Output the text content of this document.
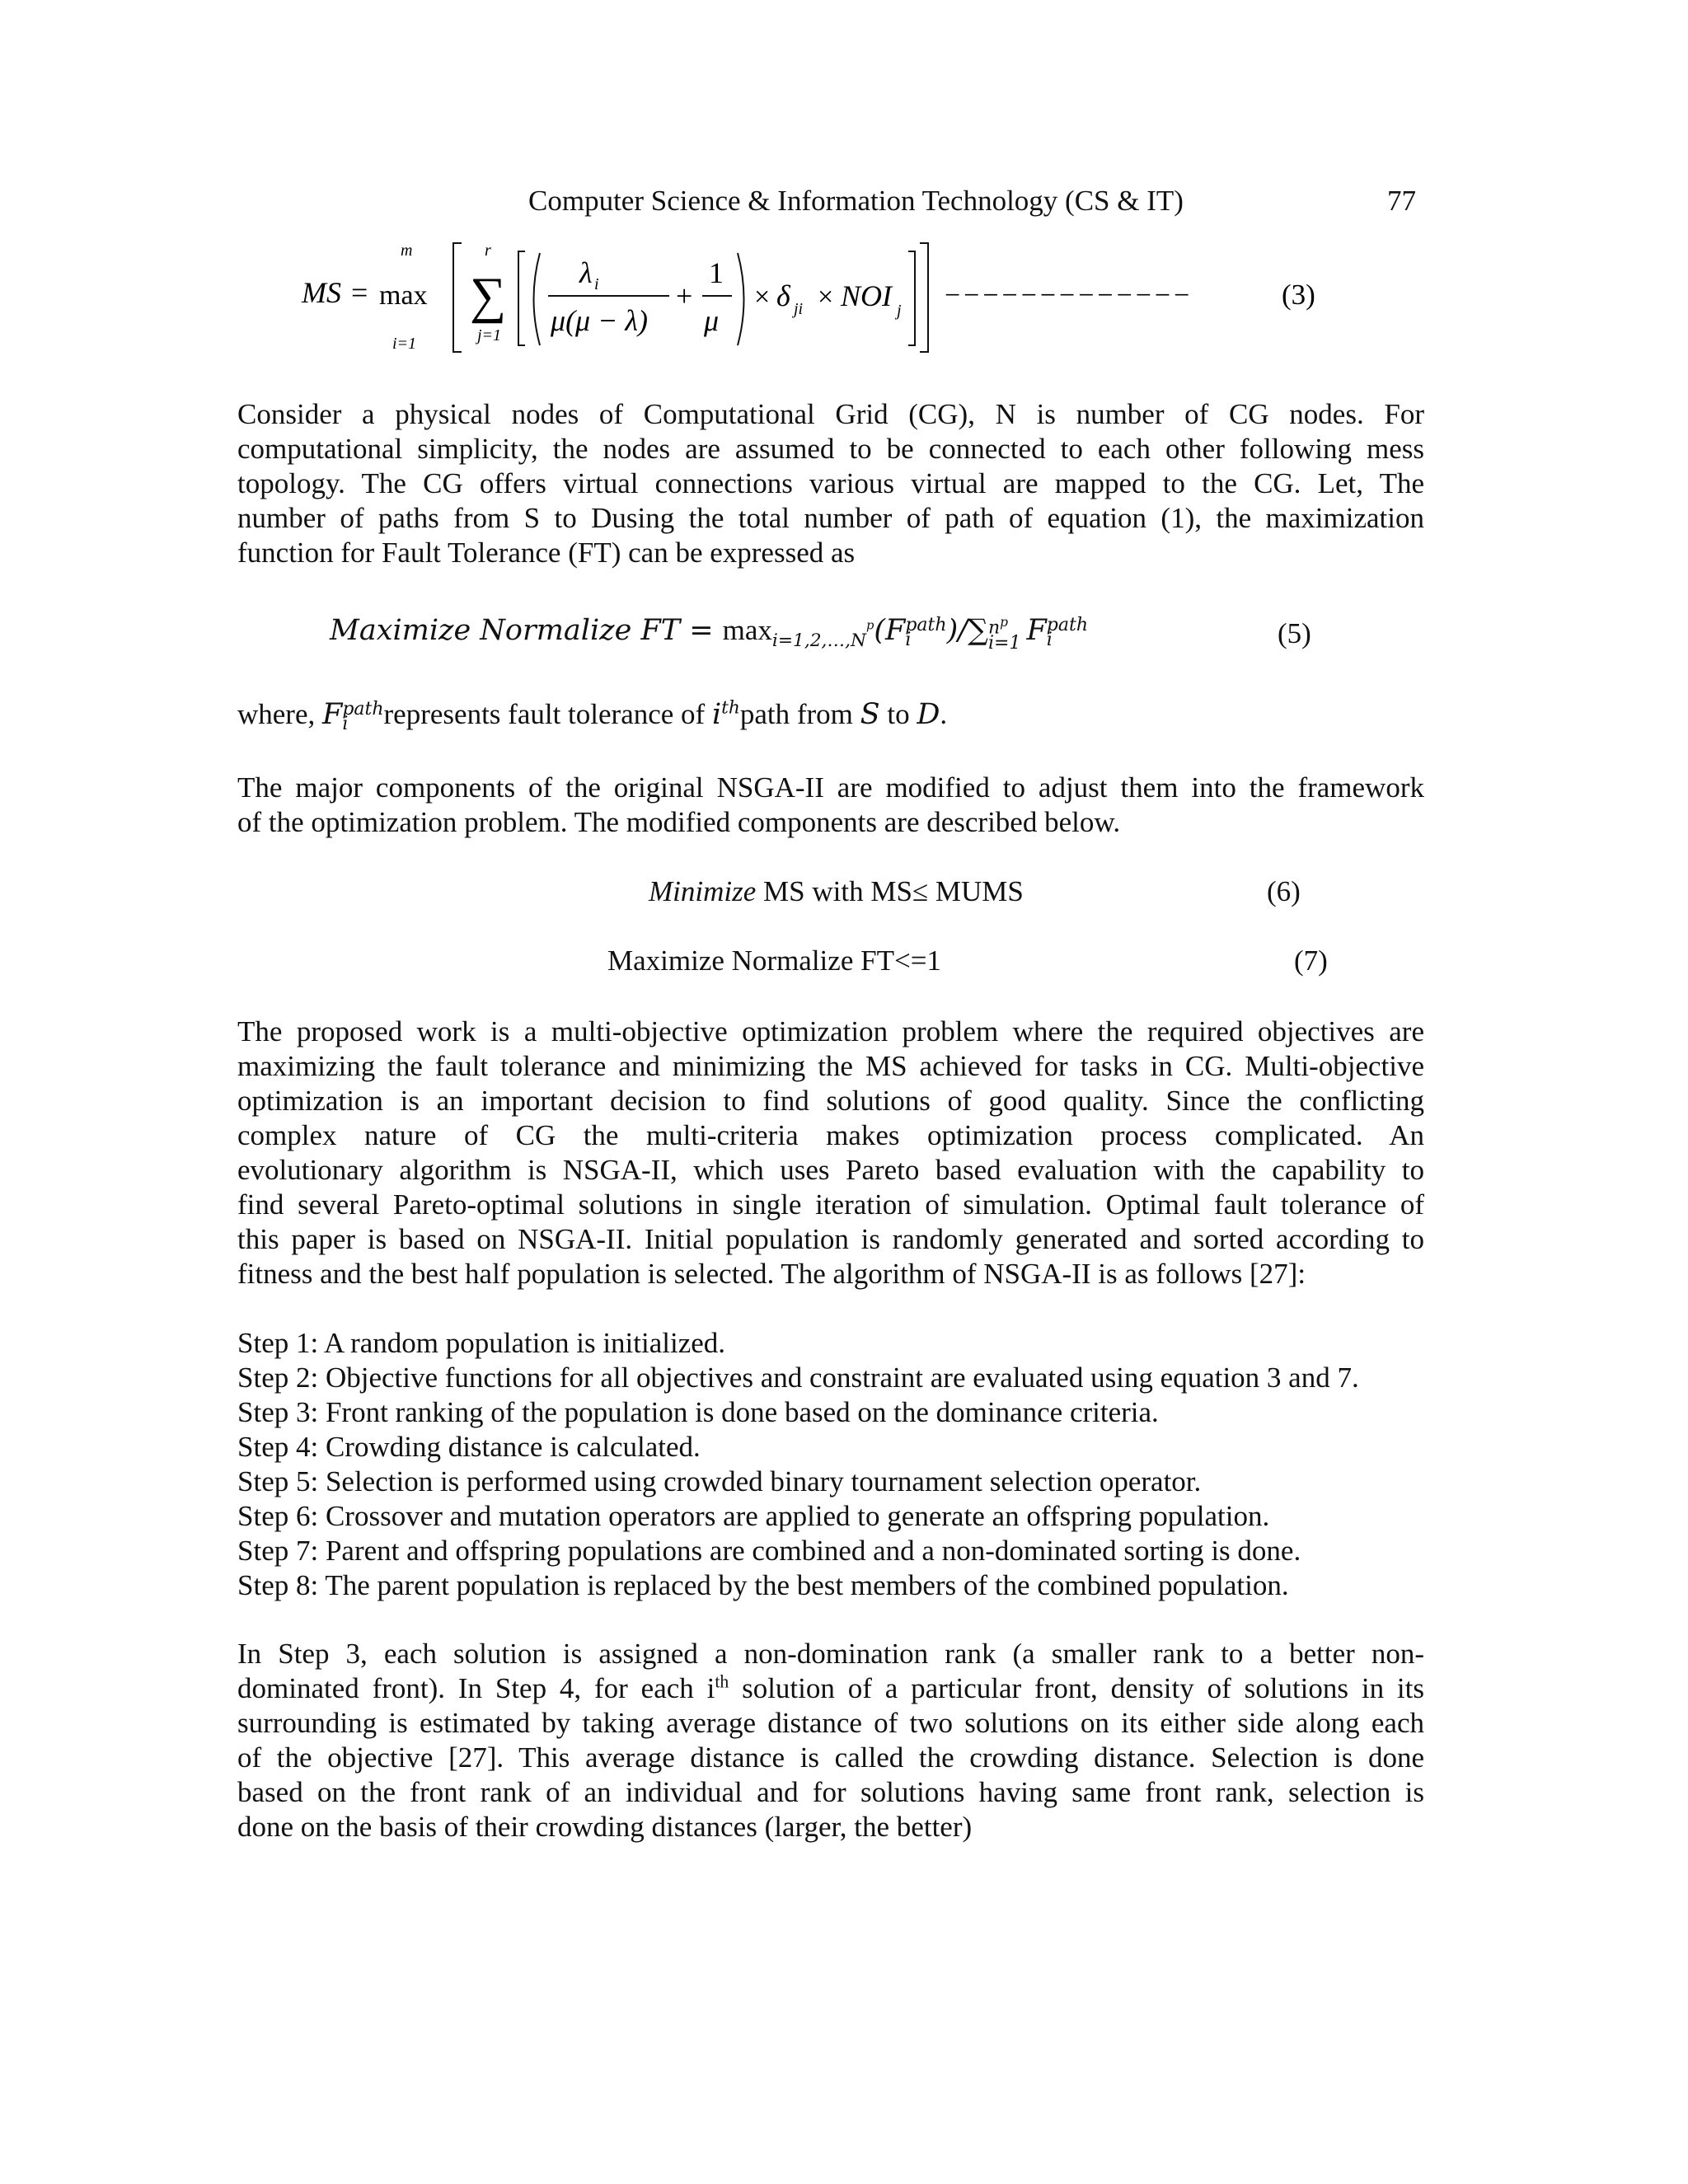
Computer Science & Information Technology (CS & IT)	77
MS = max
m
i=1
∑
r
j=1
λ i
μ(μ − λ)
+
1
μ
× δ ji × NOI j −−−−−−−−−−−−−	(3)
Consider a physical nodes of Computational Grid (CG), N is number of CG nodes. For
computational simplicity, the nodes are assumed to be connected to each other following mess
topology. The CG offers virtual connections various virtual are mapped to the CG. Let, The
number of paths from S to Dusing the total number of path of equation (1), the maximization
function for Fault Tolerance (FT) can be expressed as
Maximize Normalize FT = $\max_{i=1,2,\dots,N}^p(F$ path
i	)/∑ $n^p$
i=1
  F path
i	(5)
where, F path
i	represents fault tolerance of $i^{th}path$ from S to D.
The major components of the original NSGA-II are modified to adjust them into the framework
of the optimization problem. The modified components are described below.
Minimize MS with MS≤ MUMS	(6)
Maximize Normalize FT<=1	(7)
The proposed work is a multi-objective optimization problem where the required objectives are
maximizing the fault tolerance and minimizing the MS achieved for tasks in CG. Multi-objective
optimization is an important decision to find solutions of good quality. Since the conflicting
complex nature of CG the multi-criteria makes optimization process complicated. An
evolutionary algorithm is NSGA-II, which uses Pareto based evaluation with the capability to
find several Pareto-optimal solutions in single iteration of simulation. Optimal fault tolerance of
this paper is based on NSGA-II. Initial population is randomly generated and sorted according to
fitness and the best half population is selected. The algorithm of NSGA-II is as follows [27]:
Step 1: A random population is initialized.
Step 2: Objective functions for all objectives and constraint are evaluated using equation 3 and 7.
Step 3: Front ranking of the population is done based on the dominance criteria.
Step 4: Crowding distance is calculated.
Step 5: Selection is performed using crowded binary tournament selection operator.
Step 6: Crossover and mutation operators are applied to generate an offspring population.
Step 7: Parent and offspring populations are combined and a non-dominated sorting is done.
Step 8: The parent population is replaced by the best members of the combined population.
In Step 3, each solution is assigned a non-domination rank (a smaller rank to a better non-
dominated front). In Step 4, for each $i^{th}$ solution of a particular front, density of solutions in its
surrounding is estimated by taking average distance of two solutions on its either side along each
of the objective [27]. This average distance is called the crowding distance. Selection is done
based on the front rank of an individual and for solutions having same front rank, selection is
done on the basis of their crowding distances (larger, the better)
